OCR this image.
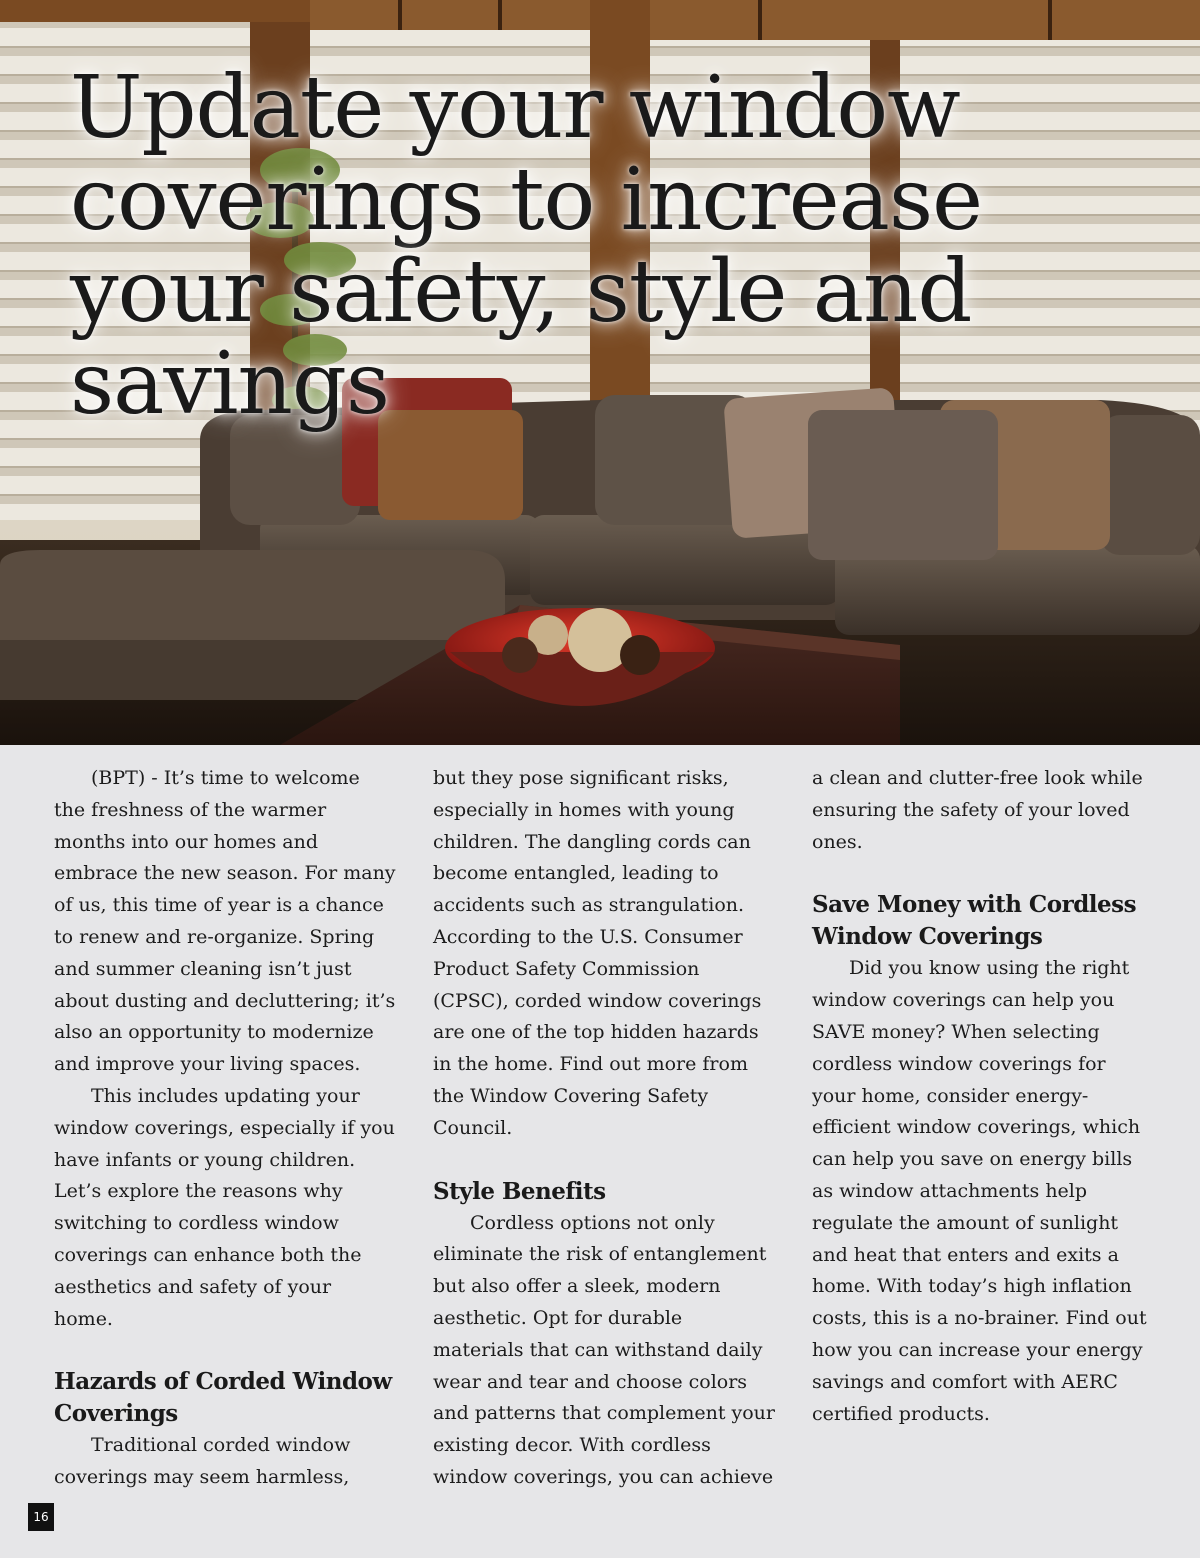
Update your window coverings to increase your safety, style and savings

(BPT) - It’s time to welcome the freshness of the warmer months into our homes and embrace the new season. For many of us, this time of year is a chance to renew and re-organize. Spring and summer cleaning isn’t just about dusting and decluttering; it’s also an opportunity to modernize and improve your living spaces.

This includes updating your window coverings, especially if you have infants or young children. Let’s explore the reasons why switching to cordless window coverings can enhance both the aesthetics and safety of your home.

Hazards of Corded Window Coverings

Traditional corded window coverings may seem harmless,

but they pose significant risks, especially in homes with young children. The dangling cords can become entangled, leading to accidents such as strangulation. According to the U.S. Consumer Product Safety Commission (CPSC), corded window coverings are one of the top hidden hazards in the home. Find out more from the Window Covering Safety Council.

Style Benefits

Cordless options not only eliminate the risk of entanglement but also offer a sleek, modern aesthetic. Opt for durable materials that can withstand daily wear and tear and choose colors and patterns that complement your existing decor. With cordless window coverings, you can achieve

a clean and clutter-free look while ensuring the safety of your loved ones.

Save Money with Cordless Window Coverings

Did you know using the right window coverings can help you SAVE money? When selecting cordless window coverings for your home, consider energy-efficient window coverings, which can help you save on energy bills as window attachments help regulate the amount of sunlight and heat that enters and exits a home. With today’s high inflation costs, this is a no-brainer. Find out how you can increase your energy savings and comfort with AERC certified products.

16
